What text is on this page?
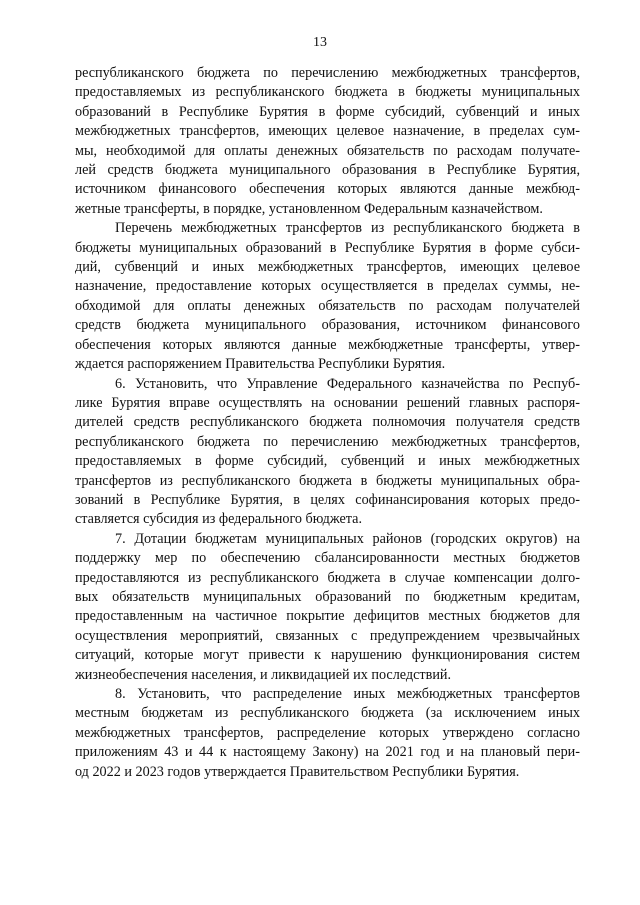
13

республиканского бюджета по перечислению межбюджетных трансфертов,
предоставляемых из республиканского бюджета в бюджеты муниципальных
образований в Республике Бурятия в форме субсидий, субвенций и иных
межбюджетных трансфертов, имеющих целевое назначение, в пределах сум-
мы, необходимой для оплаты денежных обязательств по расходам получате-
лей средств бюджета муниципального образования в Республике Бурятия,
источником финансового обеспечения которых являются данные межбюд-
жетные трансферты, в порядке, установленном Федеральным казначейством.

Перечень межбюджетных трансфертов из республиканского бюджета в
бюджеты муниципальных образований в Республике Бурятия в форме субси-
дий, субвенций и иных межбюджетных трансфертов, имеющих целевое
назначение, предоставление которых осуществляется в пределах суммы, не-
обходимой для оплаты денежных обязательств по расходам получателей
средств бюджета муниципального образования, источником финансового
обеспечения которых являются данные межбюджетные трансферты, утвер-
ждается распоряжением Правительства Республики Бурятия.

6. Установить, что Управление Федерального казначейства по Респуб-
лике Бурятия вправе осуществлять на основании решений главных распоря-
дителей средств республиканского бюджета полномочия получателя средств
республиканского бюджета по перечислению межбюджетных трансфертов,
предоставляемых в форме субсидий, субвенций и иных межбюджетных
трансфертов из республиканского бюджета в бюджеты муниципальных обра-
зований в Республике Бурятия, в целях софинансирования которых предо-
ставляется субсидия из федерального бюджета.

7. Дотации бюджетам муниципальных районов (городских округов) на
поддержку мер по обеспечению сбалансированности местных бюджетов
предоставляются из республиканского бюджета в случае компенсации долго-
вых обязательств муниципальных образований по бюджетным кредитам,
предоставленным на частичное покрытие дефицитов местных бюджетов для
осуществления мероприятий, связанных с предупреждением чрезвычайных
ситуаций, которые могут привести к нарушению функционирования систем
жизнеобеспечения населения, и ликвидацией их последствий.

8. Установить, что распределение иных межбюджетных трансфертов
местным бюджетам из республиканского бюджета (за исключением иных
межбюджетных трансфертов, распределение которых утверждено согласно
приложениям 43 и 44 к настоящему Закону) на 2021 год и на плановый пери-
од 2022 и 2023 годов утверждается Правительством Республики Бурятия.
